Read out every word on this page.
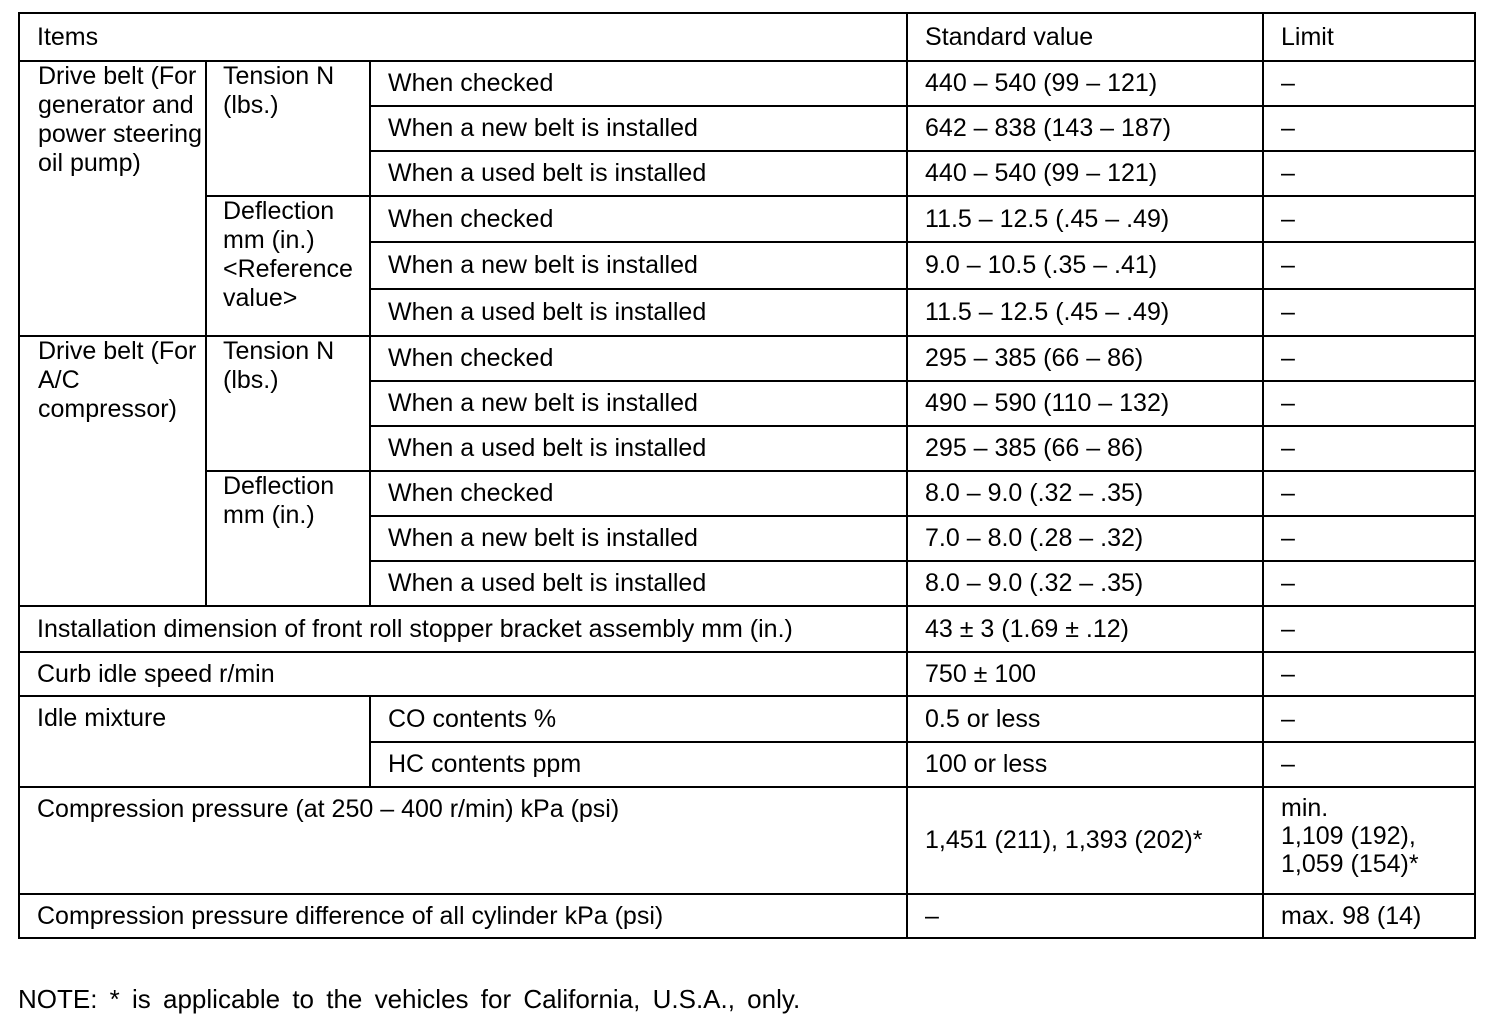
Items			Standard value	Limit
Drive belt (For generator and power steering oil pump)	Tension N (lbs.)	When checked	440 – 540 (99 – 121)	–
		When a new belt is installed	642 – 838 (143 – 187)	–
		When a used belt is installed	440 – 540 (99 – 121)	–
	Deflection mm (in.) <Reference value>	When checked	11.5 – 12.5 (.45 – .49)	–
		When a new belt is installed	9.0 – 10.5 (.35 – .41)	–
		When a used belt is installed	11.5 – 12.5 (.45 – .49)	–
Drive belt (For A/C compressor)	Tension N (lbs.)	When checked	295 – 385 (66 – 86)	–
		When a new belt is installed	490 – 590 (110 – 132)	–
		When a used belt is installed	295 – 385 (66 – 86)	–
	Deflection mm (in.)	When checked	8.0 – 9.0 (.32 – .35)	–
		When a new belt is installed	7.0 – 8.0 (.28 – .32)	–
		When a used belt is installed	8.0 – 9.0 (.32 – .35)	–
Installation dimension of front roll stopper bracket assembly mm (in.)			43 ± 3 (1.69 ± .12)	–
Curb idle speed r/min			750 ± 100	–
Idle mixture		CO contents %	0.5 or less	–
		HC contents ppm	100 or less	–
Compression pressure (at 250 – 400 r/min) kPa (psi)			1,451 (211), 1,393 (202)*	min.
1,109 (192),
1,059 (154)*

Compression pressure difference of all cylinder kPa (psi)			–	max. 98 (14)
NOTE: * is applicable to the vehicles for California, U.S.A., only.
